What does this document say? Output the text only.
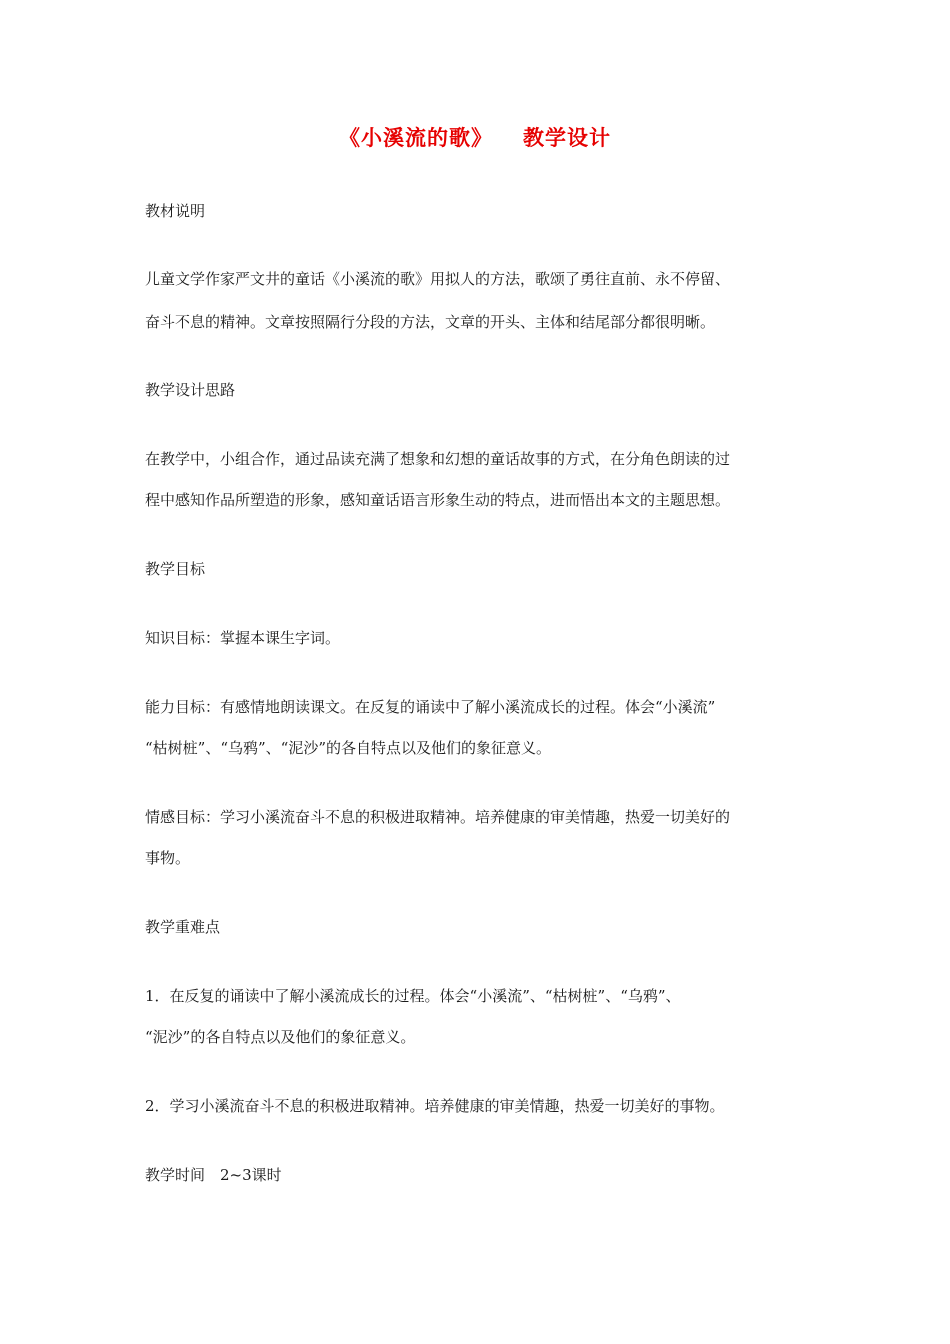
《小溪流的歌》 教学设计
教材说明
儿童文学作家严文井的童话《小溪流的歌》用拟人的方法，歌颂了勇往直前、永不停留、
奋斗不息的精神。文章按照隔行分段的方法，文章的开头、主体和结尾部分都很明晰。
教学设计思路
在教学中，小组合作，通过品读充满了想象和幻想的童话故事的方式，在分角色朗读的过
程中感知作品所塑造的形象，感知童话语言形象生动的特点，进而悟出本文的主题思想。
教学目标
知识目标：掌握本课生字词。
能力目标：有感情地朗读课文。在反复的诵读中了解小溪流成长的过程。体会“小溪流”
“枯树桩”、“乌鸦”、“泥沙”的各自特点以及他们的象征意义。
情感目标：学习小溪流奋斗不息的积极进取精神。培养健康的审美情趣，热爱一切美好的
事物。
教学重难点
1．在反复的诵读中了解小溪流成长的过程。体会“小溪流”、“枯树桩”、“乌鸦”、
“泥沙”的各自特点以及他们的象征意义。
2．学习小溪流奋斗不息的积极进取精神。培养健康的审美情趣，热爱一切美好的事物。
教学时间　2~3课时
